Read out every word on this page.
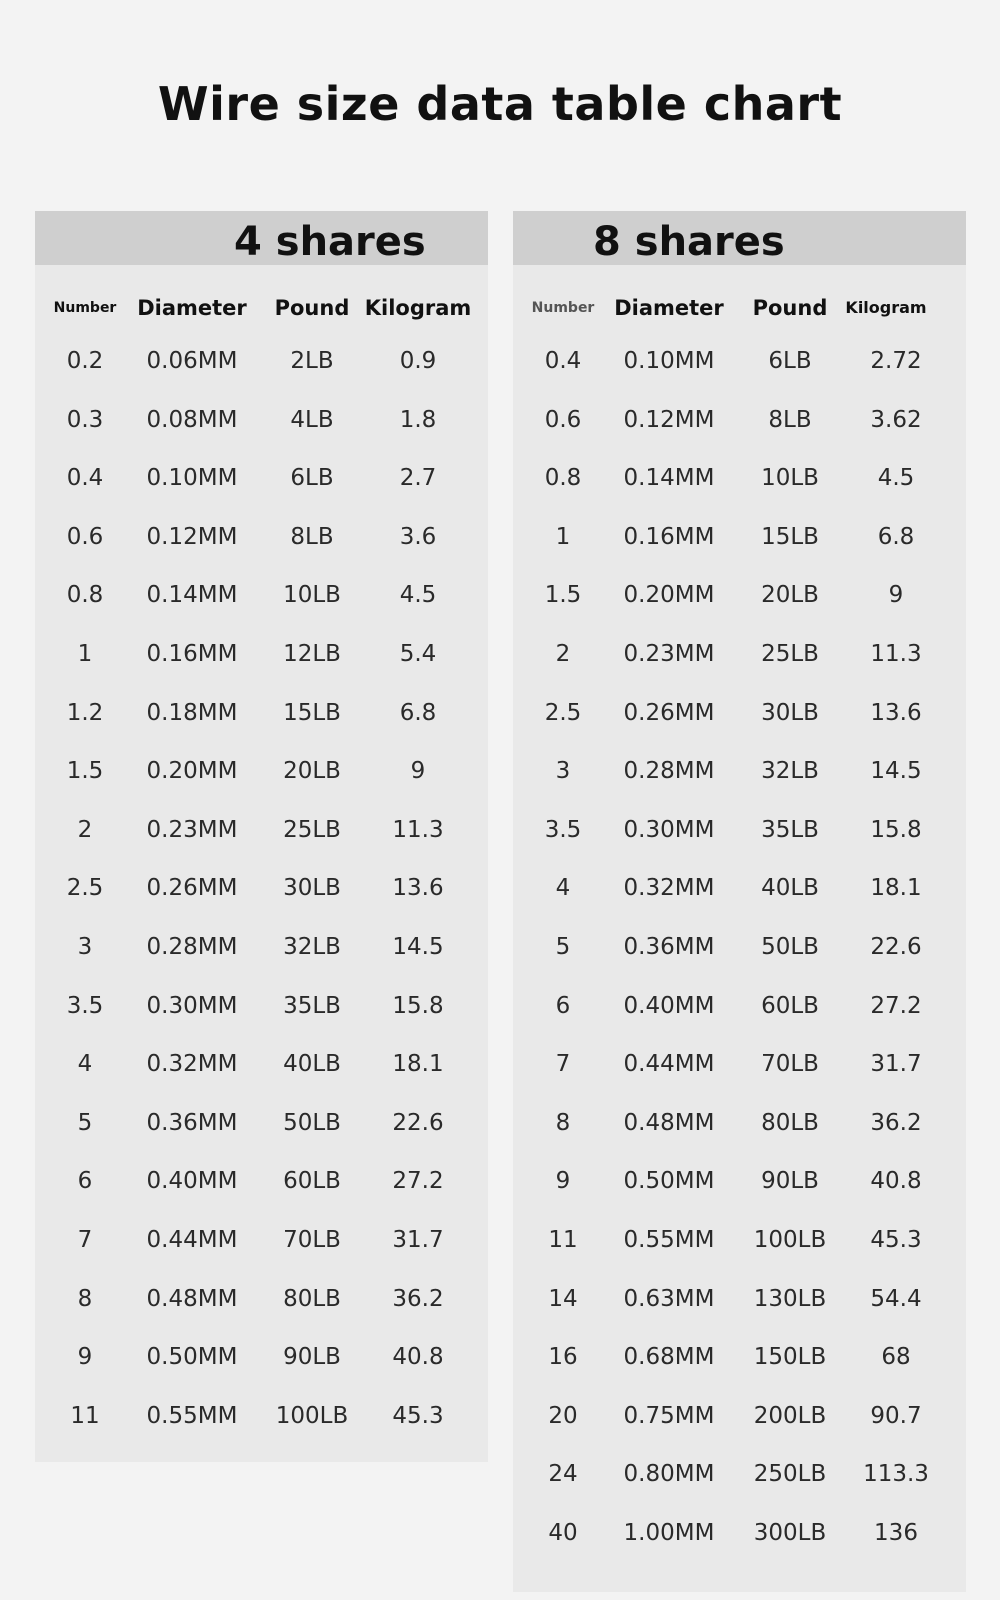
Wire size data table chart
4 shares
Number Diameter Pound Kilogram
0.2 0.06MM 2LB	0.9
0.3 0.08MM 4LB	1.8
0.4 0.10MM 6LB	2.7
0.6 0.12MM 8LB	3.6
0.8 0.14MM 10LB	4.5
1 0.16MM 12LB	5.4
1.2 0.18MM 15LB	6.8
1.5 0.20MM 20LB	9
2 0.23MM 25LB 11.3
2.5 0.26MM 30LB 13.6
3 0.28MM 32LB 14.5
3.5 0.30MM 35LB 15.8
4 0.32MM 40LB 18.1
5 0.36MM 50LB 22.6
6 0.40MM 60LB 27.2
7 0.44MM 70LB 31.7
8 0.48MM 80LB 36.2
9 0.50MM 90LB 40.8
11 0.55MM 100LB 45.3
8 shares
Number Diameter Pound Kilogram
0.4 0.10MM 6LB	2.72
0.6 0.12MM 8LB	3.62
0.8 0.14MM 10LB	4.5
1 0.16MM 15LB	6.8
1.5 0.20MM 20LB	9
2 0.23MM 25LB 11.3
2.5 0.26MM 30LB 13.6
3 0.28MM 32LB 14.5
3.5 0.30MM 35LB 15.8
4 0.32MM 40LB 18.1
5 0.36MM 50LB 22.6
6 0.40MM 60LB 27.2
7 0.44MM 70LB 31.7
8 0.48MM 80LB 36.2
9 0.50MM 90LB 40.8
11 0.55MM 100LB 45.3
14 0.63MM 130LB 54.4
16 0.68MM 150LB 68
20 0.75MM 200LB 90.7
24 0.80MM 250LB 113.3
40 1.00MM 300LB 136
